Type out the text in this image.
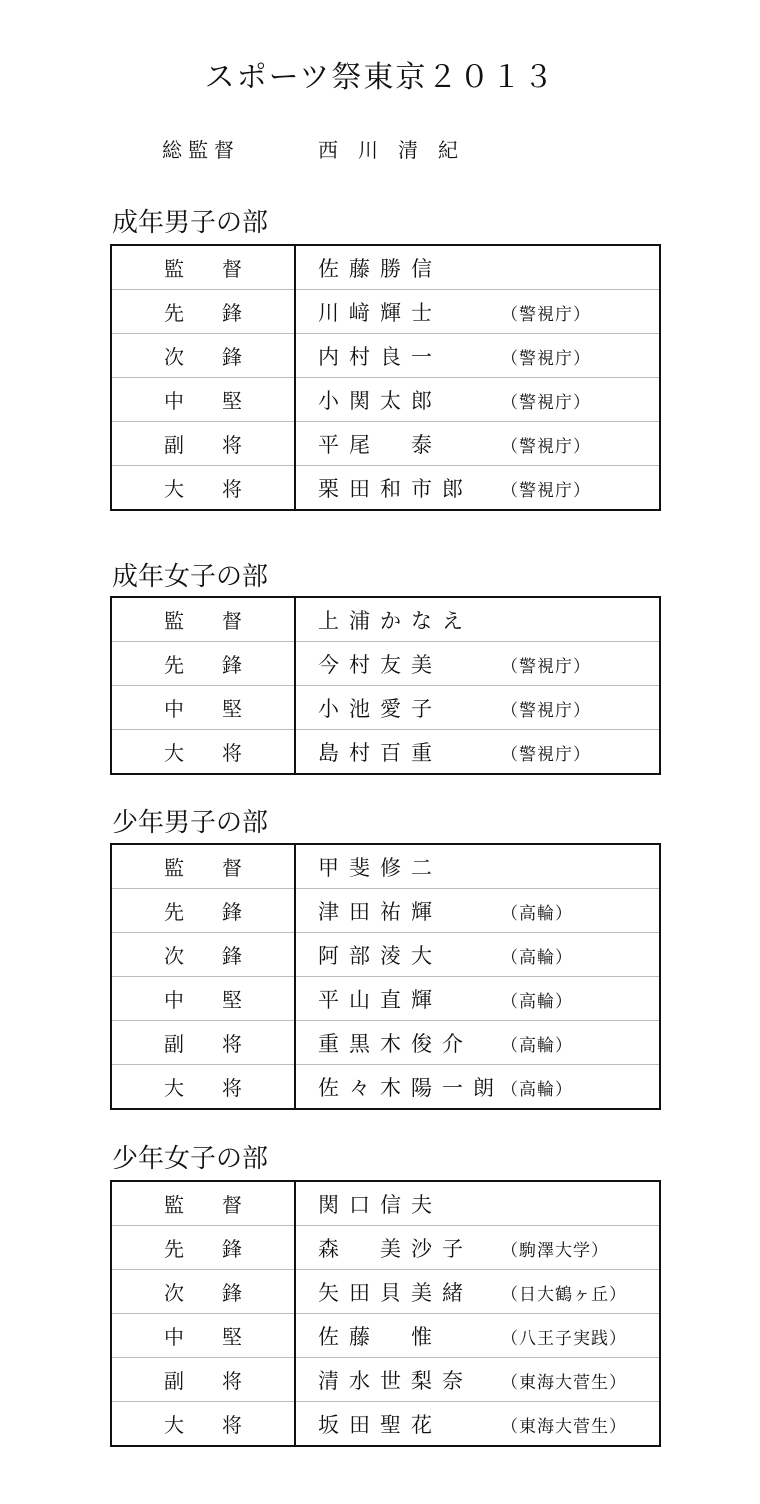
スポーツ祭東京２０１３
総監督	西川清紀
成年男子の部
監督	佐藤勝信
先鋒	川﨑輝士 （警視庁）
次鋒	内村良一 （警視庁）
中堅	小関太郎 （警視庁）
副将	平尾　泰 （警視庁）
大将	栗田和市郎 （警視庁）
成年女子の部
監督	上浦かなえ
先鋒	今村友美 （警視庁）
中堅	小池愛子 （警視庁）
大将	島村百重 （警視庁）
少年男子の部
監督	甲斐修二
先鋒	津田祐輝 （高輪）
次鋒	阿部淩大 （高輪）
中堅	平山直輝 （高輪）
副将	重黒木俊介 （高輪）
大将	佐々木陽一朗（高輪）
少年女子の部
監督	関口信夫
先鋒	森　美沙子 （駒澤大学）
次鋒	矢田貝美緒 （日大鶴ヶ丘）
中堅	佐藤　惟 （八王子実践）
副将	清水世梨奈 （東海大菅生）
大将	坂田聖花 （東海大菅生）
